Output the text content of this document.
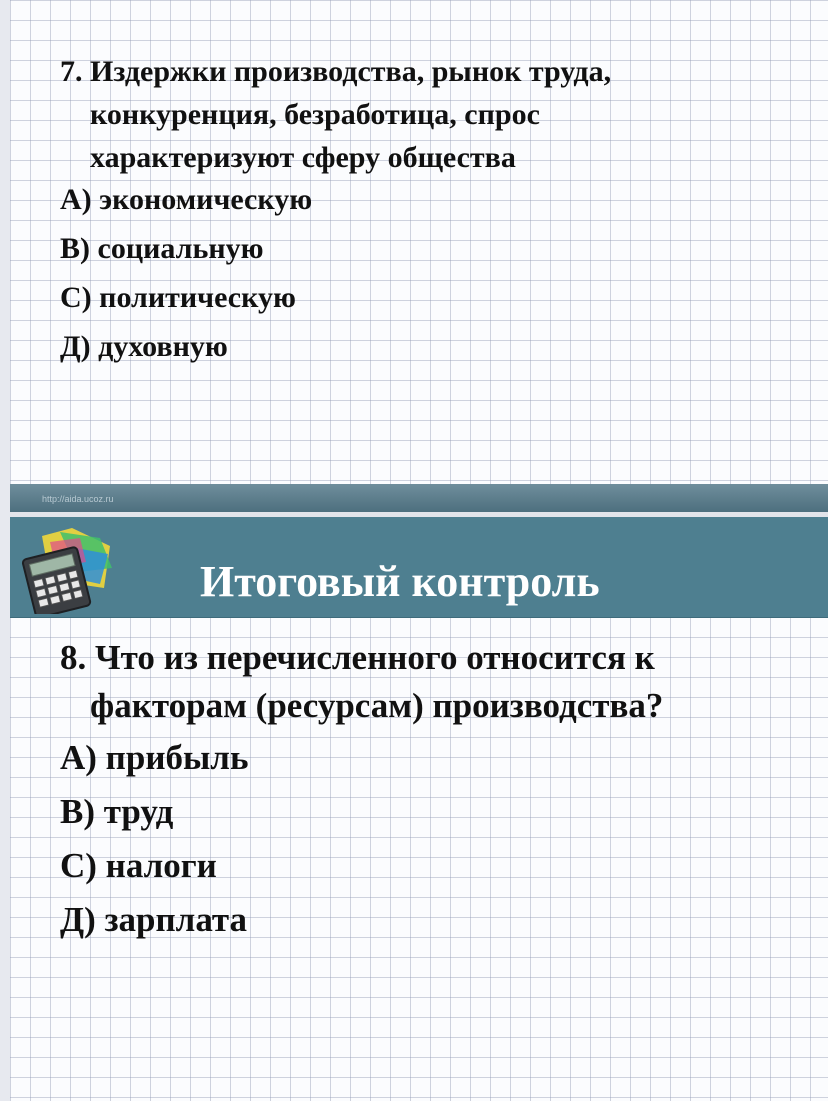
7. Издержки производства, рынок труда,
конкуренция, безработица, спрос
характеризуют сферу общества

А) экономическую
В) социальную
С) политическую
Д) духовную
http://aida.ucoz.ru
Итоговый контроль

8. Что из перечисленного относится к
факторам (ресурсам) производства?

А) прибыль
В) труд
С) налоги
Д) зарплата
